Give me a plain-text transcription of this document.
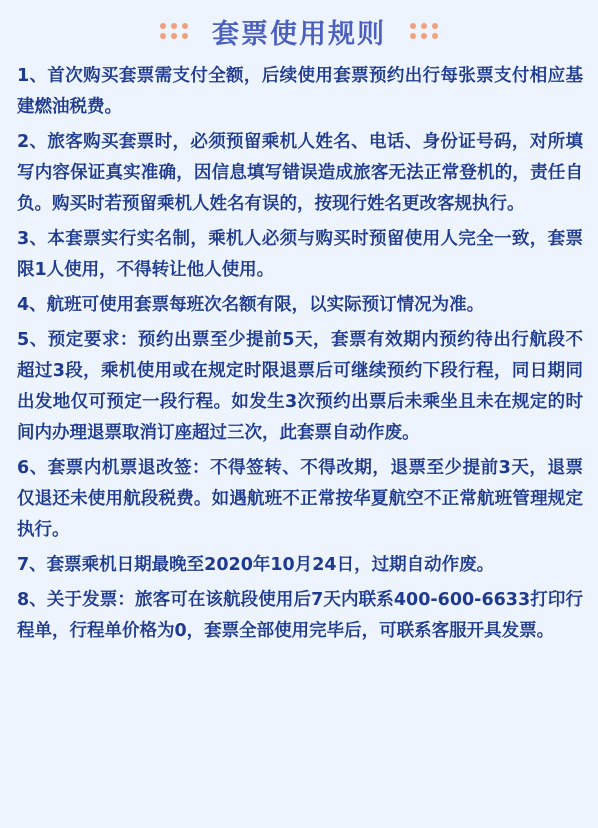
套票使用规则
1、首次购买套票需支付全额，后续使用套票预约出行每张票支付相应基建燃油税费。
2、旅客购买套票时，必须预留乘机人姓名、电话、身份证号码，对所填写内容保证真实准确，因信息填写错误造成旅客无法正常登机的，责任自负。购买时若预留乘机人姓名有误的，按现行姓名更改客规执行。
3、本套票实行实名制，乘机人必须与购买时预留使用人完全一致，套票限1人使用，不得转让他人使用。
4、航班可使用套票每班次名额有限，以实际预订情况为准。
5、预定要求：预约出票至少提前5天，套票有效期内预约待出行航段不超过3段，乘机使用或在规定时限退票后可继续预约下段行程，同日期同出发地仅可预定一段行程。如发生3次预约出票后未乘坐且未在规定的时间内办理退票取消订座超过三次，此套票自动作废。
6、套票内机票退改签：不得签转、不得改期，退票至少提前3天，退票仅退还未使用航段税费。如遇航班不正常按华夏航空不正常航班管理规定执行。
7、套票乘机日期最晚至2020年10月24日，过期自动作废。
8、关于发票：旅客可在该航段使用后7天内联系400-600-6633打印行程单，行程单价格为0，套票全部使用完毕后，可联系客服开具发票。
